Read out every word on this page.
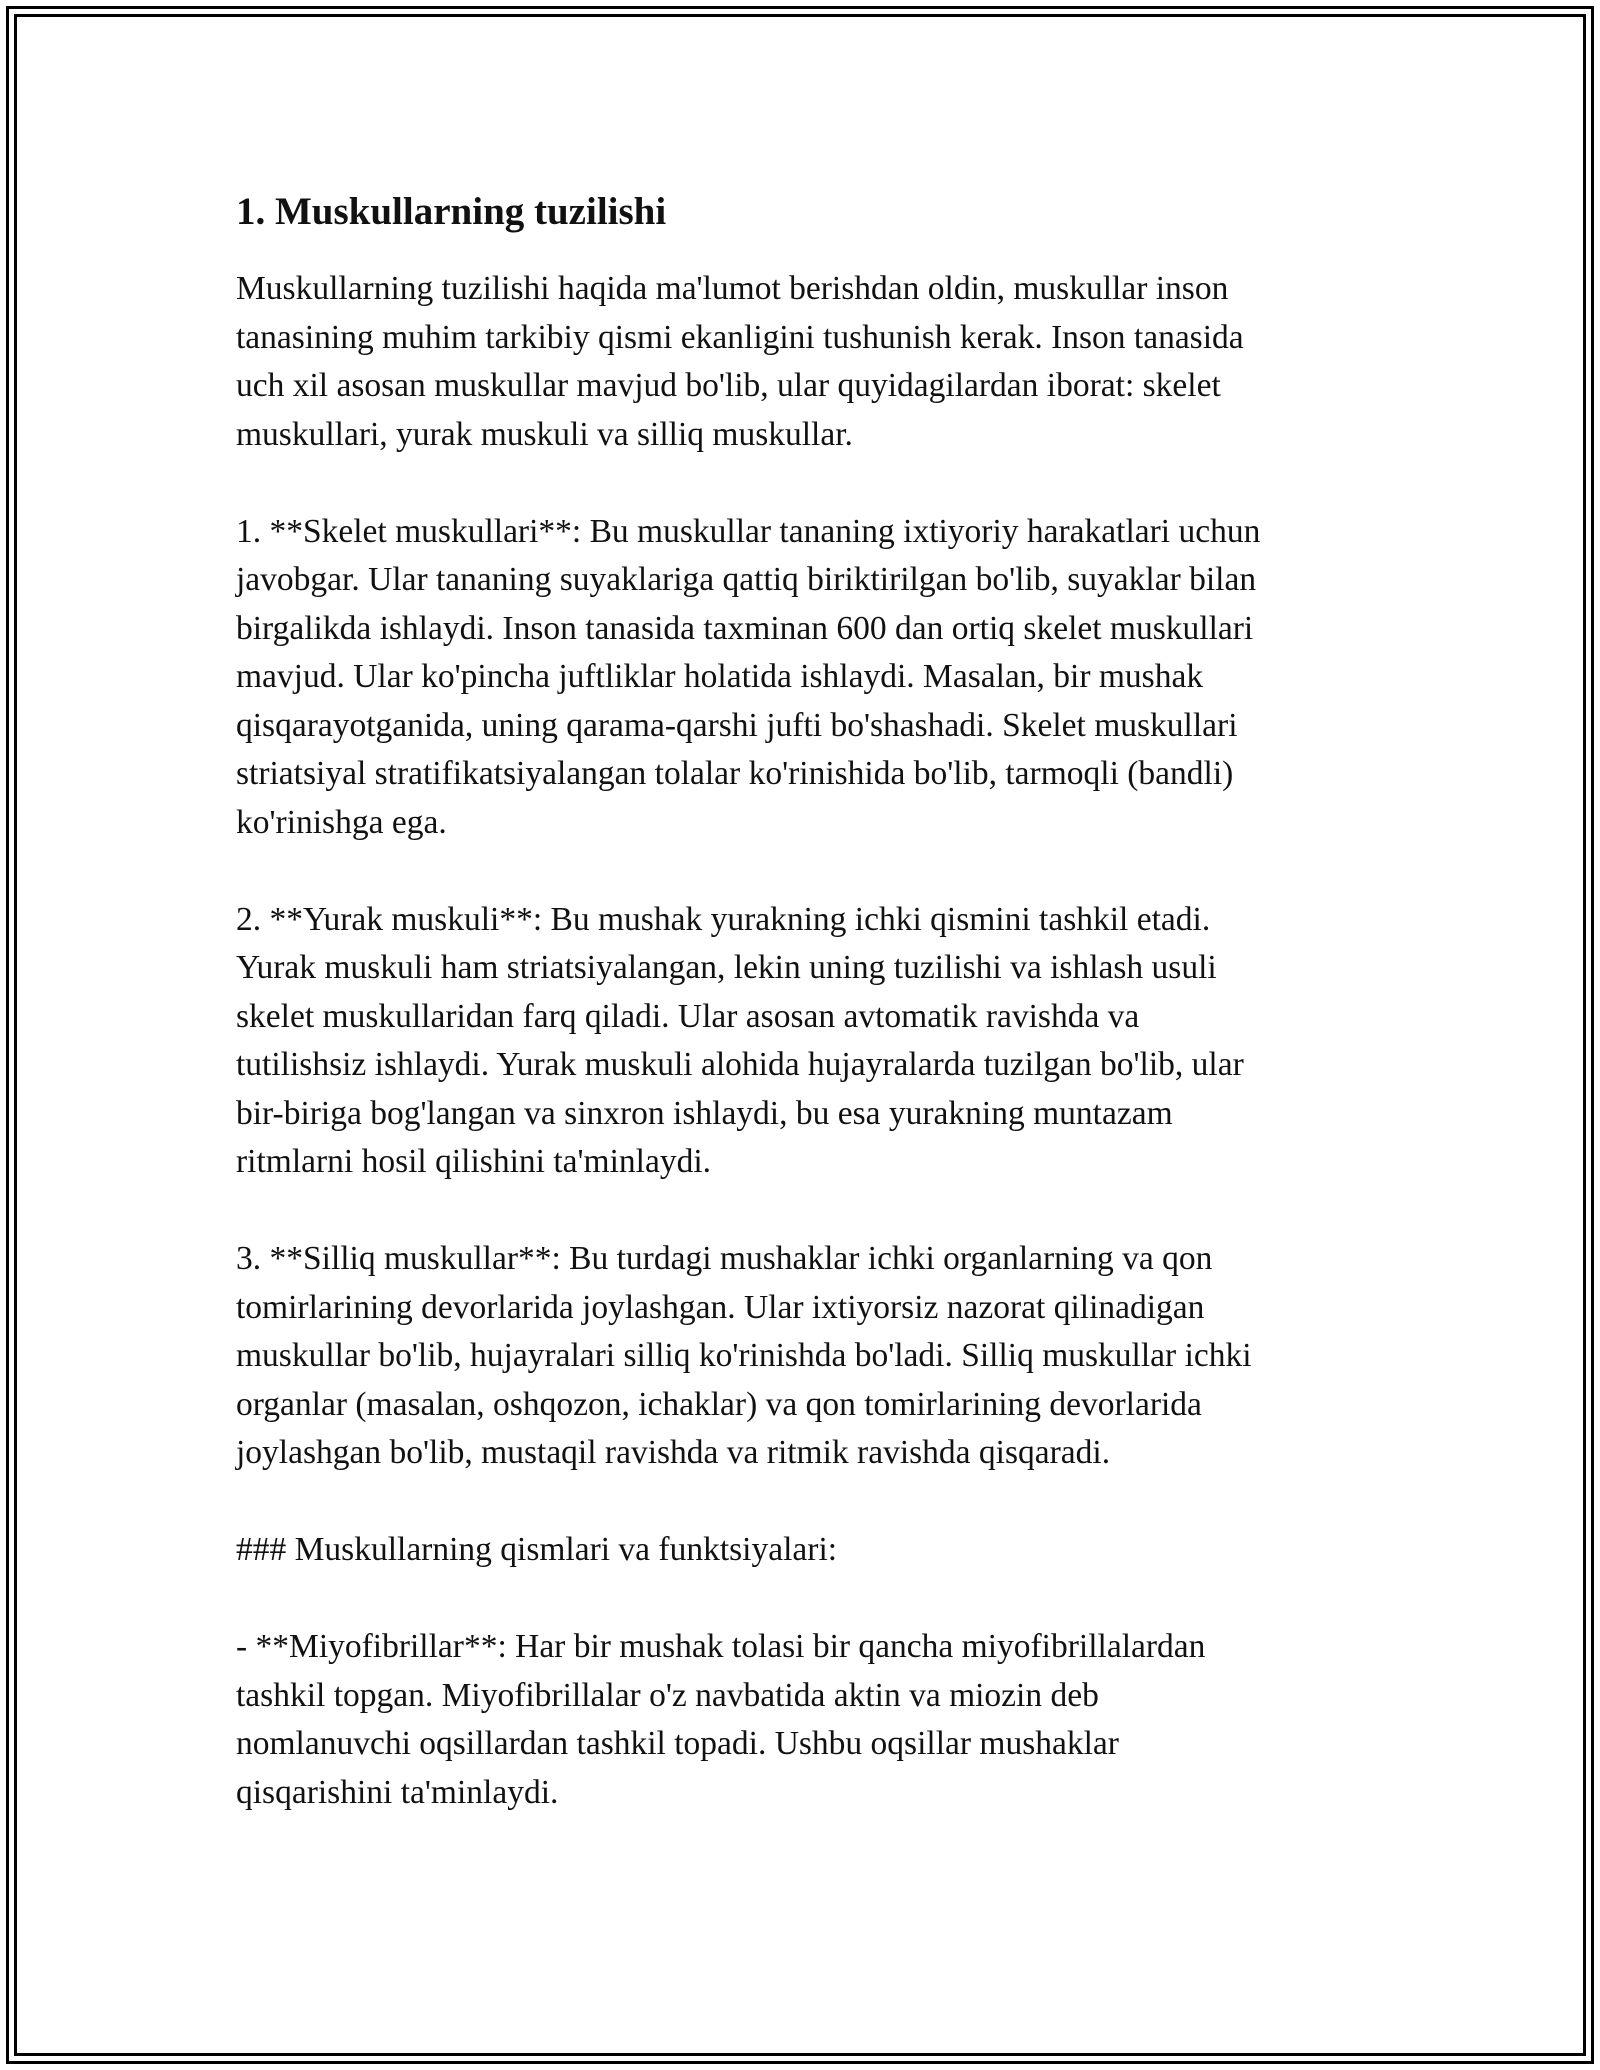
1. Muskullarning tuzilishi

Muskullarning tuzilishi haqida ma'lumot berishdan oldin, muskullar inson
tanasining muhim tarkibiy qismi ekanligini tushunish kerak. Inson tanasida
uch xil asosan muskullar mavjud bo'lib, ular quyidagilardan iborat: skelet
muskullari, yurak muskuli va silliq muskullar.

1. **Skelet muskullari**: Bu muskullar tananing ixtiyoriy harakatlari uchun
javobgar. Ular tananing suyaklariga qattiq biriktirilgan bo'lib, suyaklar bilan
birgalikda ishlaydi. Inson tanasida taxminan 600 dan ortiq skelet muskullari
mavjud. Ular ko'pincha juftliklar holatida ishlaydi. Masalan, bir mushak
qisqarayotganida, uning qarama-qarshi jufti bo'shashadi. Skelet muskullari
striatsiyal stratifikatsiyalangan tolalar ko'rinishida bo'lib, tarmoqli (bandli)
ko'rinishga ega.

2. **Yurak muskuli**: Bu mushak yurakning ichki qismini tashkil etadi.
Yurak muskuli ham striatsiyalangan, lekin uning tuzilishi va ishlash usuli
skelet muskullaridan farq qiladi. Ular asosan avtomatik ravishda va
tutilishsiz ishlaydi. Yurak muskuli alohida hujayralarda tuzilgan bo'lib, ular
bir-biriga bog'langan va sinxron ishlaydi, bu esa yurakning muntazam
ritmlarni hosil qilishini ta'minlaydi.

3. **Silliq muskullar**: Bu turdagi mushaklar ichki organlarning va qon
tomirlarining devorlarida joylashgan. Ular ixtiyorsiz nazorat qilinadigan
muskullar bo'lib, hujayralari silliq ko'rinishda bo'ladi. Silliq muskullar ichki
organlar (masalan, oshqozon, ichaklar) va qon tomirlarining devorlarida
joylashgan bo'lib, mustaqil ravishda va ritmik ravishda qisqaradi.

### Muskullarning qismlari va funktsiyalari:

- **Miyofibrillar**: Har bir mushak tolasi bir qancha miyofibrillalardan
tashkil topgan. Miyofibrillalar o'z navbatida aktin va miozin deb
nomlanuvchi oqsillardan tashkil topadi. Ushbu oqsillar mushaklar
qisqarishini ta'minlaydi.
